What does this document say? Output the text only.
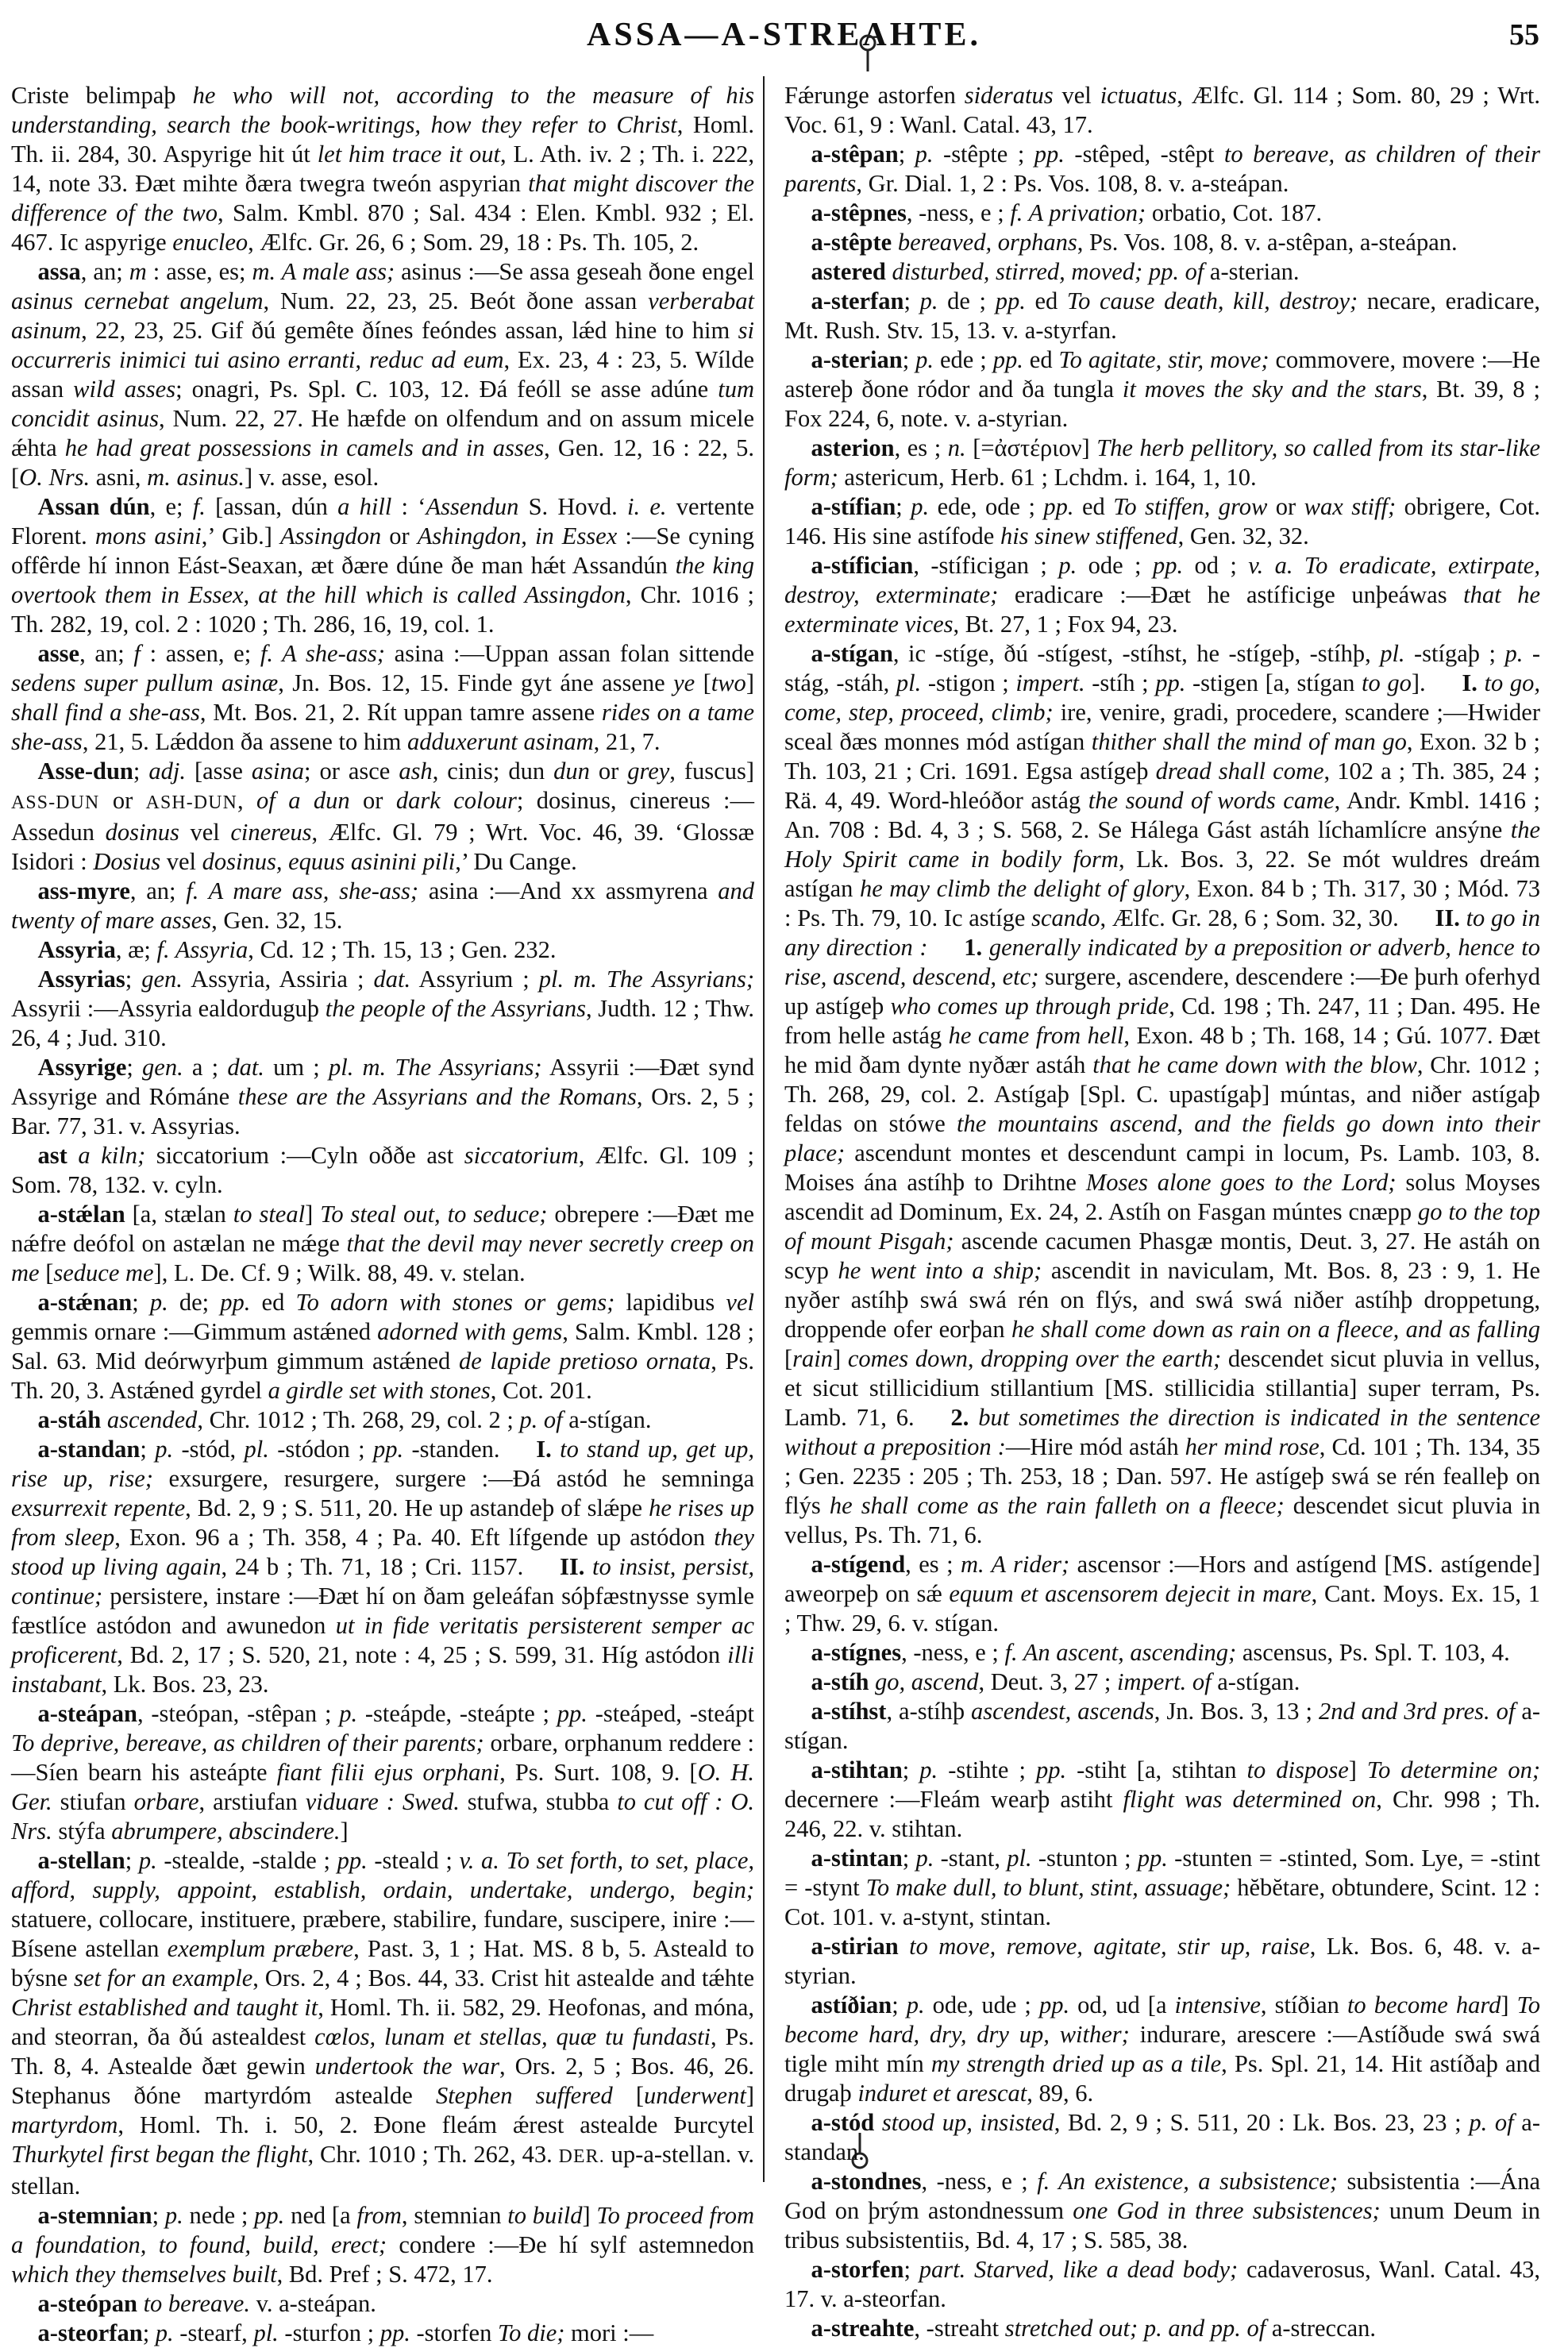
ASSA—A-STREAHTE.	55

Criste belimpaþ he who will not, according to the measure of his understanding, search the book-writings, how they refer to Christ, Homl. Th. ii. 284, 30. Aspyrige hit út let him trace it out, L. Ath. iv. 2 ; Th. i. 222, 14, note 33. Ðæt mihte ðæra twegra tweón aspyrian that might discover the difference of the two, Salm. Kmbl. 870 ; Sal. 434 : Elen. Kmbl. 932 ; El. 467. Ic aspyrige enucleo, Ælfc. Gr. 26, 6 ; Som. 29, 18 : Ps. Th. 105, 2.

assa, an; m : asse, es; m. A male ass; asinus :—Se assa geseah ðone engel asinus cernebat angelum, Num. 22, 23, 25. Beót ðone assan verberabat asinum, 22, 23, 25. Gif ðú gemête ðínes feóndes assan, lǽd hine to him si occurreris inimici tui asino erranti, reduc ad eum, Ex. 23, 4 : 23, 5. Wílde assan wild asses; onagri, Ps. Spl. C. 103, 12. Ðá feóll se asse adúne tum concidit asinus, Num. 22, 27. He hæfde on olfendum and on assum micele ǽhta he had great possessions in camels and in asses, Gen. 12, 16 : 22, 5. [O. Nrs. asni, m. asinus.] v. asse, esol.

Assan dún, e; f. [assan, dún a hill : ‘Assendun S. Hovd. i. e. vertente Florent. mons asini,’ Gib.] Assingdon or Ashingdon, in Essex :—Se cyning offêrde hí innon Eást-Seaxan, æt ðære dúne ðe man hǽt Assandún the king overtook them in Essex, at the hill which is called Assingdon, Chr. 1016 ; Th. 282, 19, col. 2 : 1020 ; Th. 286, 16, 19, col. 1.

asse, an; f : assen, e; f. A she-ass; asina :—Uppan assan folan sittende sedens super pullum asinæ, Jn. Bos. 12, 15. Finde gyt áne assene ye [two] shall find a she-ass, Mt. Bos. 21, 2. Rít uppan tamre assene rides on a tame she-ass, 21, 5. Lǽddon ða assene to him adduxerunt asinam, 21, 7.

Asse-dun; adj. [asse asina; or asce ash, cinis; dun dun or grey, fuscus] ASS-DUN or ASH-DUN, of a dun or dark colour; dosinus, cinereus :—Assedun dosinus vel cinereus, Ælfc. Gl. 79 ; Wrt. Voc. 46, 39. ‘Glossæ Isidori : Dosius vel dosinus, equus asinini pili,’ Du Cange.

ass-myre, an; f. A mare ass, she-ass; asina :—And xx assmyrena and twenty of mare asses, Gen. 32, 15.

Assyria, æ; f. Assyria, Cd. 12 ; Th. 15, 13 ; Gen. 232.

Assyrias; gen. Assyria, Assiria ; dat. Assyrium ; pl. m. The Assyrians; Assyrii :—Assyria ealdorduguþ the people of the Assyrians, Judth. 12 ; Thw. 26, 4 ; Jud. 310.

Assyrige; gen. a ; dat. um ; pl. m. The Assyrians; Assyrii :—Ðæt synd Assyrige and Rómáne these are the Assyrians and the Romans, Ors. 2, 5 ; Bar. 77, 31. v. Assyrias.

ast a kiln; siccatorium :—Cyln oððe ast siccatorium, Ælfc. Gl. 109 ; Som. 78, 132. v. cyln.

a-stǽlan [a, stælan to steal] To steal out, to seduce; obrepere :—Ðæt me nǽfre deófol on astælan ne mǽge that the devil may never secretly creep on me [seduce me], L. De. Cf. 9 ; Wilk. 88, 49. v. stelan.

a-stǽnan; p. de; pp. ed To adorn with stones or gems; lapidibus vel gemmis ornare :—Gimmum astǽned adorned with gems, Salm. Kmbl. 128 ; Sal. 63. Mid deórwyrþum gimmum astǽned de lapide pretioso ornata, Ps. Th. 20, 3. Astǽned gyrdel a girdle set with stones, Cot. 201.

a-stáh ascended, Chr. 1012 ; Th. 268, 29, col. 2 ; p. of a-stígan.

a-standan; p. -stód, pl. -stódon ; pp. -standen. I. to stand up, get up, rise up, rise; exsurgere, resurgere, surgere :—Ðá astód he semninga exsurrexit repente, Bd. 2, 9 ; S. 511, 20. He up astandeþ of slǽpe he rises up from sleep, Exon. 96 a ; Th. 358, 4 ; Pa. 40. Eft lífgende up astódon they stood up living again, 24 b ; Th. 71, 18 ; Cri. 1157. II. to insist, persist, continue; persistere, instare :—Ðæt hí on ðam geleáfan sóþfæstnysse symle fæstlíce astódon and awunedon ut in fide veritatis persisterent semper ac proficerent, Bd. 2, 17 ; S. 520, 21, note : 4, 25 ; S. 599, 31. Híg astódon illi instabant, Lk. Bos. 23, 23.

a-steápan, -steópan, -stêpan ; p. -steápde, -steápte ; pp. -steáped, -steápt To deprive, bereave, as children of their parents; orbare, orphanum reddere :—Síen bearn his asteápte fiant filii ejus orphani, Ps. Surt. 108, 9. [O. H. Ger. stiufan orbare, arstiufan viduare : Swed. stufwa, stubba to cut off : O. Nrs. stýfa abrumpere, abscindere.]

a-stellan; p. -stealde, -stalde ; pp. -steald ; v. a. To set forth, to set, place, afford, supply, appoint, establish, ordain, undertake, undergo, begin; statuere, collocare, instituere, præbere, stabilire, fundare, suscipere, inire :—Bísene astellan exemplum præbere, Past. 3, 1 ; Hat. MS. 8 b, 5. Asteald to býsne set for an example, Ors. 2, 4 ; Bos. 44, 33. Crist hit astealde and tǽhte Christ established and taught it, Homl. Th. ii. 582, 29. Heofonas, and móna, and steorran, ða ðú astealdest cœlos, lunam et stellas, quæ tu fundasti, Ps. Th. 8, 4. Astealde ðæt gewin undertook the war, Ors. 2, 5 ; Bos. 46, 26. Stephanus ðóne martyrdóm astealde Stephen suffered [underwent] martyrdom, Homl. Th. i. 50, 2. Ðone fleám ǽrest astealde Þurcytel Thurkytel first began the flight, Chr. 1010 ; Th. 262, 43. DER. up-a-stellan. v. stellan.

a-stemnian; p. nede ; pp. ned [a from, stemnian to build] To proceed from a foundation, to found, build, erect; condere :—Ðe hí sylf astemnedon which they themselves built, Bd. Pref ; S. 472, 17.

a-steópan to bereave. v. a-steápan.

a-steorfan; p. -stearf, pl. -sturfon ; pp. -storfen To die; mori :—

Fǽrunge astorfen sideratus vel ictuatus, Ælfc. Gl. 114 ; Som. 80, 29 ; Wrt. Voc. 61, 9 : Wanl. Catal. 43, 17.

a-stêpan; p. -stêpte ; pp. -stêped, -stêpt to bereave, as children of their parents, Gr. Dial. 1, 2 : Ps. Vos. 108, 8. v. a-steápan.

a-stêpnes, -ness, e ; f. A privation; orbatio, Cot. 187.

a-stêpte bereaved, orphans, Ps. Vos. 108, 8. v. a-stêpan, a-steápan.

astered disturbed, stirred, moved; pp. of a-sterian.

a-sterfan; p. de ; pp. ed To cause death, kill, destroy; necare, eradicare, Mt. Rush. Stv. 15, 13. v. a-styrfan.

a-sterian; p. ede ; pp. ed To agitate, stir, move; commovere, movere :—He astereþ ðone ródor and ða tungla it moves the sky and the stars, Bt. 39, 8 ; Fox 224, 6, note. v. a-styrian.

asterion, es ; n. [=ἀστέριον] The herb pellitory, so called from its star-like form; astericum, Herb. 61 ; Lchdm. i. 164, 1, 10.

a-stífian; p. ede, ode ; pp. ed To stiffen, grow or wax stiff; obrigere, Cot. 146. His sine astífode his sinew stiffened, Gen. 32, 32.

a-stífician, -stíficigan ; p. ode ; pp. od ; v. a. To eradicate, extirpate, destroy, exterminate; eradicare :—Ðæt he astíficige unþeáwas that he exterminate vices, Bt. 27, 1 ; Fox 94, 23.

a-stígan, ic -stíge, ðú -stígest, -stíhst, he -stígeþ, -stíhþ, pl. -stígaþ ; p. -stág, -stáh, pl. -stigon ; impert. -stíh ; pp. -stigen [a, stígan to go]. I. to go, come, step, proceed, climb; ire, venire, gradi, procedere, scandere ;—Hwider sceal ðæs monnes mód astígan thither shall the mind of man go, Exon. 32 b ; Th. 103, 21 ; Cri. 1691. Egsa astígeþ dread shall come, 102 a ; Th. 385, 24 ; Rä. 4, 49. Word-hleóðor astág the sound of words came, Andr. Kmbl. 1416 ; An. 708 : Bd. 4, 3 ; S. 568, 2. Se Hálega Gást astáh líchamlícre ansýne the Holy Spirit came in bodily form, Lk. Bos. 3, 22. Se mót wuldres dreám astígan he may climb the delight of glory, Exon. 84 b ; Th. 317, 30 ; Mód. 73 : Ps. Th. 79, 10. Ic astíge scando, Ælfc. Gr. 28, 6 ; Som. 32, 30. II. to go in any direction : 1. generally indicated by a preposition or adverb, hence to rise, ascend, descend, etc; surgere, ascendere, descendere :—Ðe þurh oferhyd up astígeþ who comes up through pride, Cd. 198 ; Th. 247, 11 ; Dan. 495. He from helle astág he came from hell, Exon. 48 b ; Th. 168, 14 ; Gú. 1077. Ðæt he mid ðam dynte nyðær astáh that he came down with the blow, Chr. 1012 ; Th. 268, 29, col. 2. Astígaþ [Spl. C. upastígaþ] múntas, and niðer astígaþ feldas on stówe the mountains ascend, and the fields go down into their place; ascendunt montes et descendunt campi in locum, Ps. Lamb. 103, 8. Moises ána astíhþ to Drihtne Moses alone goes to the Lord; solus Moyses ascendit ad Dominum, Ex. 24, 2. Astíh on Fasgan múntes cnæpp go to the top of mount Pisgah; ascende cacumen Phasgæ montis, Deut. 3, 27. He astáh on scyp he went into a ship; ascendit in naviculam, Mt. Bos. 8, 23 : 9, 1. He nyðer astíhþ swá swá rén on flýs, and swá swá niðer astíhþ droppetung, droppende ofer eorþan he shall come down as rain on a fleece, and as falling [rain] comes down, dropping over the earth; descendet sicut pluvia in vellus, et sicut stillicidium stillantium [MS. stillicidia stillantia] super terram, Ps. Lamb. 71, 6. 2. but sometimes the direction is indicated in the sentence without a preposition :—Hire mód astáh her mind rose, Cd. 101 ; Th. 134, 35 ; Gen. 2235 : 205 ; Th. 253, 18 ; Dan. 597. He astígeþ swá se rén fealleþ on flýs he shall come as the rain falleth on a fleece; descendet sicut pluvia in vellus, Ps. Th. 71, 6.

a-stígend, es ; m. A rider; ascensor :—Hors and astígend [MS. astígende] aweorpeþ on sǽ equum et ascensorem dejecit in mare, Cant. Moys. Ex. 15, 1 ; Thw. 29, 6. v. stígan.

a-stígnes, -ness, e ; f. An ascent, ascending; ascensus, Ps. Spl. T. 103, 4.

a-stíh go, ascend, Deut. 3, 27 ; impert. of a-stígan.

a-stíhst, a-stíhþ ascendest, ascends, Jn. Bos. 3, 13 ; 2nd and 3rd pres. of a-stígan.

a-stihtan; p. -stihte ; pp. -stiht [a, stihtan to dispose] To determine on; decernere :—Fleám wearþ astiht flight was determined on, Chr. 998 ; Th. 246, 22. v. stihtan.

a-stintan; p. -stant, pl. -stunton ; pp. -stunten = -stinted, Som. Lye, = -stint = -stynt To make dull, to blunt, stint, assuage; hĕbĕtare, obtundere, Scint. 12 : Cot. 101. v. a-stynt, stintan.

a-stirian to move, remove, agitate, stir up, raise, Lk. Bos. 6, 48. v. a-styrian.

astíðian; p. ode, ude ; pp. od, ud [a intensive, stíðian to become hard] To become hard, dry, dry up, wither; indurare, arescere :—Astíðude swá swá tigle miht mín my strength dried up as a tile, Ps. Spl. 21, 14. Hit astíðaþ and drugaþ induret et arescat, 89, 6.

a-stód stood up, insisted, Bd. 2, 9 ; S. 511, 20 : Lk. Bos. 23, 23 ; p. of a-standan.

a-stondnes, -ness, e ; f. An existence, a subsistence; subsistentia :—Ána God on þrým astondnessum one God in three subsistences; unum Deum in tribus subsistentiis, Bd. 4, 17 ; S. 585, 38.

a-storfen; part. Starved, like a dead body; cadaverosus, Wanl. Catal. 43, 17. v. a-steorfan.

a-streahte, -streaht stretched out; p. and pp. of a-streccan.
